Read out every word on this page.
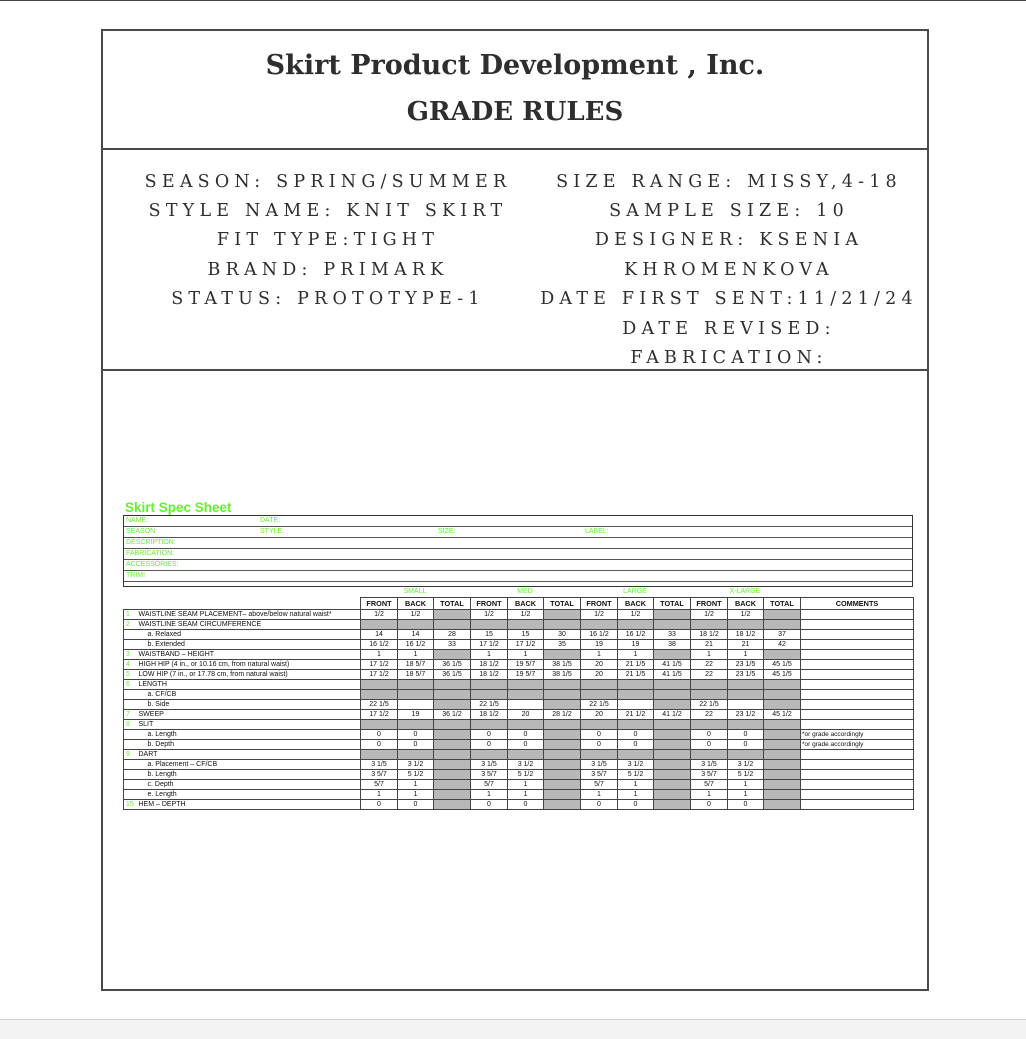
Skirt Product Development , Inc.
GRADE RULES
SEASON: SPRING/SUMMER
STYLE NAME: KNIT SKIRT
FIT TYPE:TIGHT
BRAND: PRIMARK
STATUS: PROTOTYPE-1
SIZE RANGE: MISSY,4-18
SAMPLE SIZE: 10
DESIGNER: KSENIA
KHROMENKOVA
DATE FIRST SENT:11/21/24
DATE REVISED:
FABRICATION:
Skirt Spec Sheet
NAME:	DATE:
SEASON:	STYLE:	SIZE:	LABEL:
DESCRIPTION:
FABRICATION:
ACCESSORIES:
TRIM!
SMALL	MED	LARGE	X-LARGE
		FRONT	BACK	TOTAL	FRONT	BACK	TOTAL	FRONT	BACK	TOTAL	FRONT	BACK	TOTAL	COMMENTS
1	WAISTLINE SEAM PLACEMENT– above/below natural waist*	1/2	1/2		1/2	1/2		1/2	1/2		1/2	1/2		
2	WAISTLINE SEAM CIRCUMFERENCE													
	a. Relaxed	14	14	28	15	15	30	16 1/2	16 1/2	33	18 1/2	18 1/2	37	
	b. Extended	16 1/2	16 1/2	33	17 1/2	17 1/2	35	19	19	38	21	21	42	
3	WAISTBAND – HEIGHT	1	1		1	1		1	1		1	1		
4	HIGH HIP (4 in., or 10.16 cm, from natural waist)	17 1/2	18 5/7	36 1/5	18 1/2	19 5/7	38 1/5	20	21 1/5	41 1/5	22	23 1/5	45 1/5	
5	LOW HIP (7 in., or 17.78 cm, from natural waist)	17 1/2	18 5/7	36 1/5	18 1/2	19 5/7	38 1/5	20	21 1/5	41 1/5	22	23 1/5	45 1/5	
6	LENGTH													
	a. CF/CB													
	b. Side	22 1/5			22 1/5			22 1/5			22 1/5			
7	SWEEP	17 1/2	19	36 1/2	18 1/2	20	28 1/2	20	21 1/2	41 1/2	22	23 1/2	45 1/2	
8	SLIT													
	a. Length	0	0		0	0		0	0		0	0		*or grade accordingly
	b. Depth	0	0		0	0		0	0		0	0		*or grade accordingly
9	DART													
	a. Placement – CF/CB	3 1/5	3 1/2		3 1/5	3 1/2		3 1/5	3 1/2		3 1/5	3 1/2		
	b. Length	3 5/7	5 1/2		3 5/7	5 1/2		3 5/7	5 1/2		3 5/7	5 1/2		
	c. Depth	5/7	1		5/7	1		5/7	1		5/7	1		
	e. Length	1	1		1	1		1	1		1	1		
15	HEM – DEPTH	0	0		0	0		0	0		0	0		
